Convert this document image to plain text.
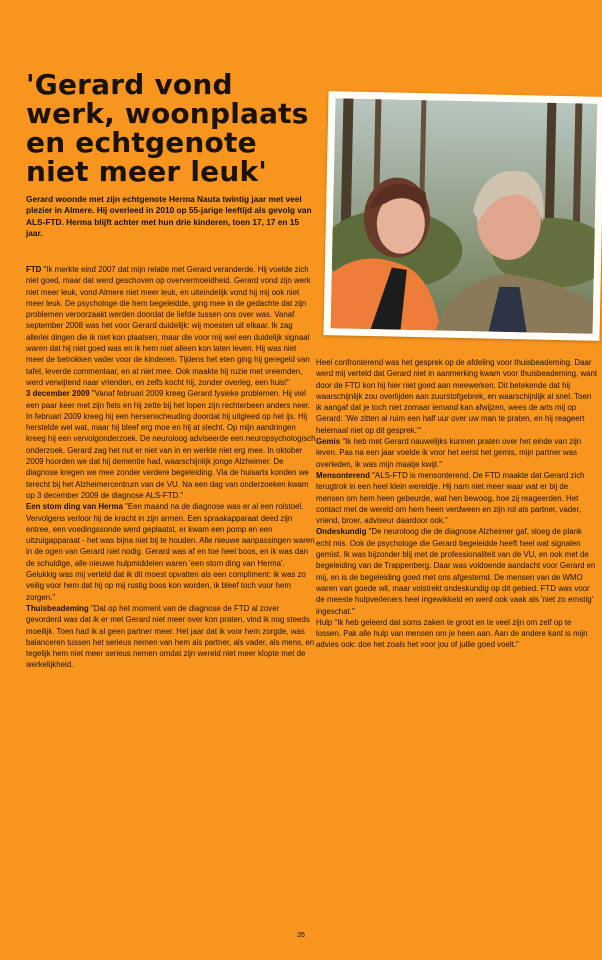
'Gerard vond
werk, woonplaats
en echtgenote
niet meer leuk'

Gerard woonde met zijn echtgenote Herma Nauta twintig jaar met veel plezier in Almere. Hij overleed in 2010 op 55-jarige leeftijd als gevolg van ALS-FTD. Herma blijft achter met hun drie kinderen, toen 17, 17 en 15 jaar.

FTD "Ik merkte eind 2007 dat mijn relatie met Gerard veranderde. Hij voelde zich niet goed, maar dat werd geschoven op oververmoeidheid. Gerard vond zijn werk niet meer leuk, vond Almere niet meer leuk, en uiteindelijk vond hij mij ook niet meer leuk. De psychologe die hem begeleidde, ging mee in de gedachte dat zijn problemen veroorzaakt werden doordat de liefde tussen ons over was. Vanaf september 2008 was het voor Gerard duidelijk: wij moesten uit elkaar. Ik zag allerlei dingen die ik niet kon plaatsen, maar die voor mij wel een duidelijk signaal waren dat hij niet goed was en ik hem niet alleen kon laten leven. Hij was niet meer de betrokken vader voor de kinderen. Tijdens het eten ging hij geregeld van tafel, leverde commentaar, en at niet mee. Ook maakte hij ruzie met vreemden, werd verwijtend naar vrienden, en zelfs kocht hij, zonder overleg, een huis!"

3 december 2009 "Vanaf februari 2009 kreeg Gerard fysieke problemen. Hij viel een paar keer met zijn fiets en hij zette bij het lopen zijn rechterbeen anders neer. In februari 2009 kreeg hij een hersenscheuding doordat hij uitgleed op het ijs. Hij herstelde wel wat, maar hij bleef erg moe en hij at slecht. Op mijn aandringen kreeg hij een vervolgonderzoek. De neuroloog adviseerde een neuropsychologisch onderzoek. Gerard zag het nut er niet van in en werkte niet erg mee. In oktober 2009 hoorden we dat hij dementie had, waarschijnlijk jonge Alzheimer. De diagnose kregen we mee zonder verdere begeleiding. Via de huisarts konden we terecht bij het Alzheimercentrum van de VU. Na een dag van onderzoeken kwam op 3 december 2009 de diagnose ALS-FTD."

Een stom ding van Herma "Een maand na de diagnose was er al een rolstoel. Vervolgens verloor hij de kracht in zijn armen. Een spraakapparaat deed zijn entree, een voedingssonde werd geplaatst, er kwam een pomp en een uitzuigapparaat - het was bijna niet bij te houden. Alle nieuwe aanpassingen waren in de ogen van Gerard niet nodig. Gerard was af en toe heel boos, en ik was dan de schuldige, alle nieuwe hulpmiddelen waren 'een stom ding van Herma'. Gelukkig was mij verteld dat ik dit moest opvatten als een compliment: ik was zo veilig voor hem dat hij op mij rustig boos kon worden, ik bleef toch voor hem zorgen."

Thuisbeademing "Dat op het moment van de diagnose de FTD al zover gevorderd was dat ik er met Gerard niet meer over kon praten, vind ik nog steeds moeilijk. Toen had ik al geen partner meer. Het jaar dat ik voor hem zorgde, was balanceren tussen het serieus nemen van hem als partner, als vader, als mens, en tegelijk hem niet meer serieus nemen omdat zijn wereld niet meer klopte met de werkelijkheid.

Heel confronterend was het gesprek op de afdeling voor thuisbeademing. Daar werd mij verteld dat Gerard niet in aanmerking kwam voor thuisbeademing, want door de FTD kon hij hier niet goed aan meewerken. Dit betekende dat hij waarschijnlijk zou overlijden aan zuurstofgebrek, en waarschijnlijk al snel. Toen ik aangaf dat je toch niet zomaar iemand kan afwijzen, wees de arts mij op Gerard: 'We zitten al ruim een half uur over uw man te praten, en hij reageert helemaal niet op dit gesprek.'"

Gemis "Ik heb met Gerard nauwelijks kunnen praten over het einde van zijn leven. Pas na een jaar voelde ik voor het eerst het gemis, mijn partner was overleden, ik was mijn maatje kwijt."

Mensonterend "ALS-FTD is mensonterend. De FTD maakte dat Gerard zich terugtrok in een heel klein wereldje. Hij nam niet meer waar wat er bij de mensen om hem heen gebeurde, wat hen bewoog, hoe zij reageerden. Het contact met de wereld om hem heen verdween en zijn rol als partner, vader, vriend, broer, adviseur daardoor ook."

Ondeskundig "De neuroloog die de diagnose Alzheimer gaf, sloeg de plank echt mis. Ook de psychologe die Gerard begeleidde heeft heel wat signalen gemist. Ik was bijzonder blij met de professionaliteit van de VU, en ook met de begeleiding van de Trappenberg. Daar was voldoende aandacht voor Gerard en mij, en is de begeleiding goed met ons afgestemd. De mensen van de WMO waren van goede wil, maar volstrekt ondeskundig op dit gebied. FTD was voor de meeste hulpverleners heel ingewikkeld en werd ook vaak als 'niet zo ernstig' ingeschat."

Hulp "Ik heb geleerd dat soms zaken te groot en te veel zijn om zelf op te lossen. Pak alle hulp van mensen om je heen aan. Aan de andere kant is mijn advies ook: doe het zoals het voor jou of jullie goed voelt."

35
